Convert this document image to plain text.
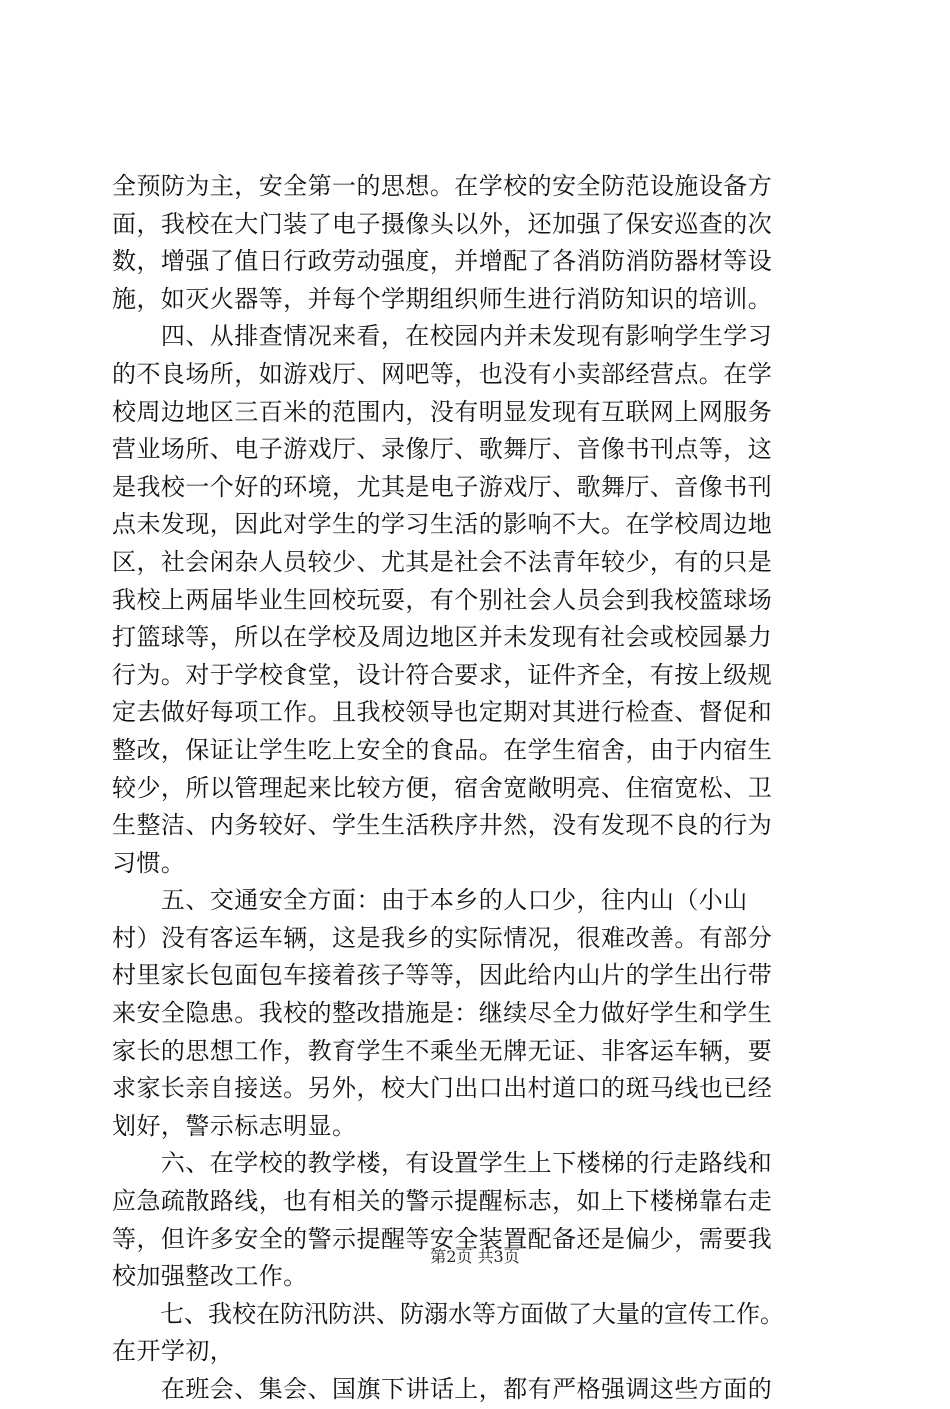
全预防为主，安全第一的思想。在学校的安全防范设施设备方
面，我校在大门装了电子摄像头以外，还加强了保安巡查的次
数，增强了值日行政劳动强度，并增配了各消防消防器材等设
施，如灭火器等，并每个学期组织师生进行消防知识的培训。
　　四、从排查情况来看，在校园内并未发现有影响学生学习
的不良场所，如游戏厅、网吧等，也没有小卖部经营点。在学
校周边地区三百米的范围内，没有明显发现有互联网上网服务
营业场所、电子游戏厅、录像厅、歌舞厅、音像书刊点等，这
是我校一个好的环境，尤其是电子游戏厅、歌舞厅、音像书刊
点未发现，因此对学生的学习生活的影响不大。在学校周边地
区，社会闲杂人员较少、尤其是社会不法青年较少，有的只是
我校上两届毕业生回校玩耍，有个别社会人员会到我校篮球场
打篮球等，所以在学校及周边地区并未发现有社会或校园暴力
行为。对于学校食堂，设计符合要求，证件齐全，有按上级规
定去做好每项工作。且我校领导也定期对其进行检查、督促和
整改，保证让学生吃上安全的食品。在学生宿舍，由于内宿生
较少，所以管理起来比较方便，宿舍宽敞明亮、住宿宽松、卫
生整洁、内务较好、学生生活秩序井然，没有发现不良的行为
习惯。
　　五、交通安全方面：由于本乡的人口少，往内山（小山
村）没有客运车辆，这是我乡的实际情况，很难改善。有部分
村里家长包面包车接着孩子等等，因此给内山片的学生出行带
来安全隐患。我校的整改措施是：继续尽全力做好学生和学生
家长的思想工作，教育学生不乘坐无牌无证、非客运车辆，要
求家长亲自接送。另外，校大门出口出村道口的斑马线也已经
划好，警示标志明显。
　　六、在学校的教学楼，有设置学生上下楼梯的行走路线和
应急疏散路线，也有相关的警示提醒标志，如上下楼梯靠右走
等，但许多安全的警示提醒等安全装置配备还是偏少，需要我
校加强整改工作。
　　七、我校在防汛防洪、防溺水等方面做了大量的宣传工作。
在开学初，
　　在班会、集会、国旗下讲话上，都有严格强调这些方面的
第2页 共3页
